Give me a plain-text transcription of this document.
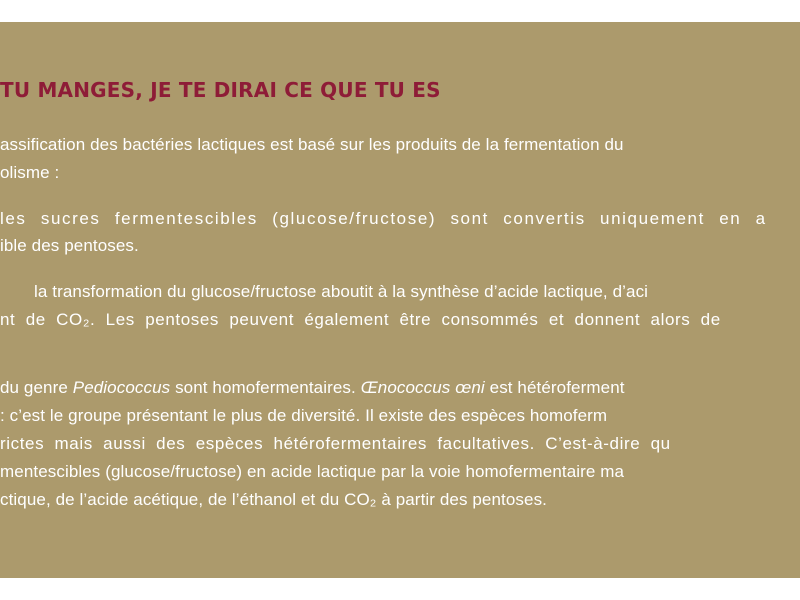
TU MANGES, JE TE DIRAI CE QUE TU ES

assification des bactéries lactiques est basé sur les produits de la fermentation du

olisme :

les sucres fermentescibles (glucose/fructose) sont convertis uniquement en a

ible des pentoses.

la transformation du glucose/fructose aboutit à la synthèse d’acide lactique, d’aci

nt de CO₂. Les pentoses peuvent également être consommés et donnent alors de

du genre Pediococcus sont homofermentaires. Œnococcus œni est hétéroferment

: c’est le groupe présentant le plus de diversité. Il existe des espèces homoferm

rictes mais aussi des espèces hétérofermentaires facultatives. C’est-à-dire qu

mentescibles (glucose/fructose) en acide lactique par la voie homofermentaire ma

ctique, de l’acide acétique, de l’éthanol et du CO₂ à partir des pentoses.
